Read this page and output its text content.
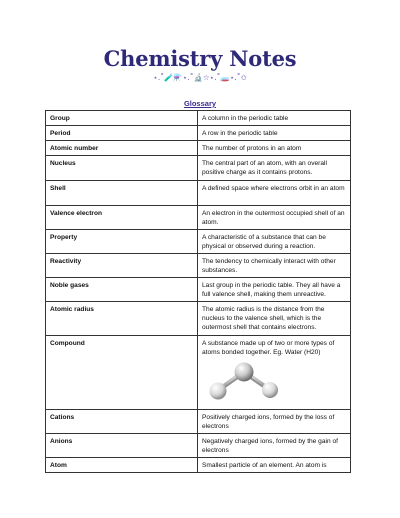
Chemistry Notes
⋆.˚🧪⚗️⋆.˚🔬☆⋆.˚🧫⋆.˚✩
Glossary
Group	A column in the periodic table
Period	A row in the periodic table
Atomic number	The number of protons in an atom
Nucleus	The central part of an atom, with an overall positive charge as it contains protons.
Shell	A defined space where electrons orbit in an atom
Valence electron	An electron in the outermost occupied shell of an atom.
Property	A characteristic of a substance that can be physical or observed during a reaction.
Reactivity	The tendency to chemically interact with other substances.
Noble gases	Last group in the periodic table. They all have a full valence shell, making them unreactive.
Atomic radius	The atomic radius is the distance from the nucleus to the valence shell, which is the outermost shell that contains electrons.
Compound	A substance made up of two or more types of atoms bonded together. Eg. Water (H20)

Cations	Positively charged ions, formed by the loss of electrons
Anions	Negatively charged ions, formed by the gain of electrons
Atom	Smallest particle of an element. An atom is
